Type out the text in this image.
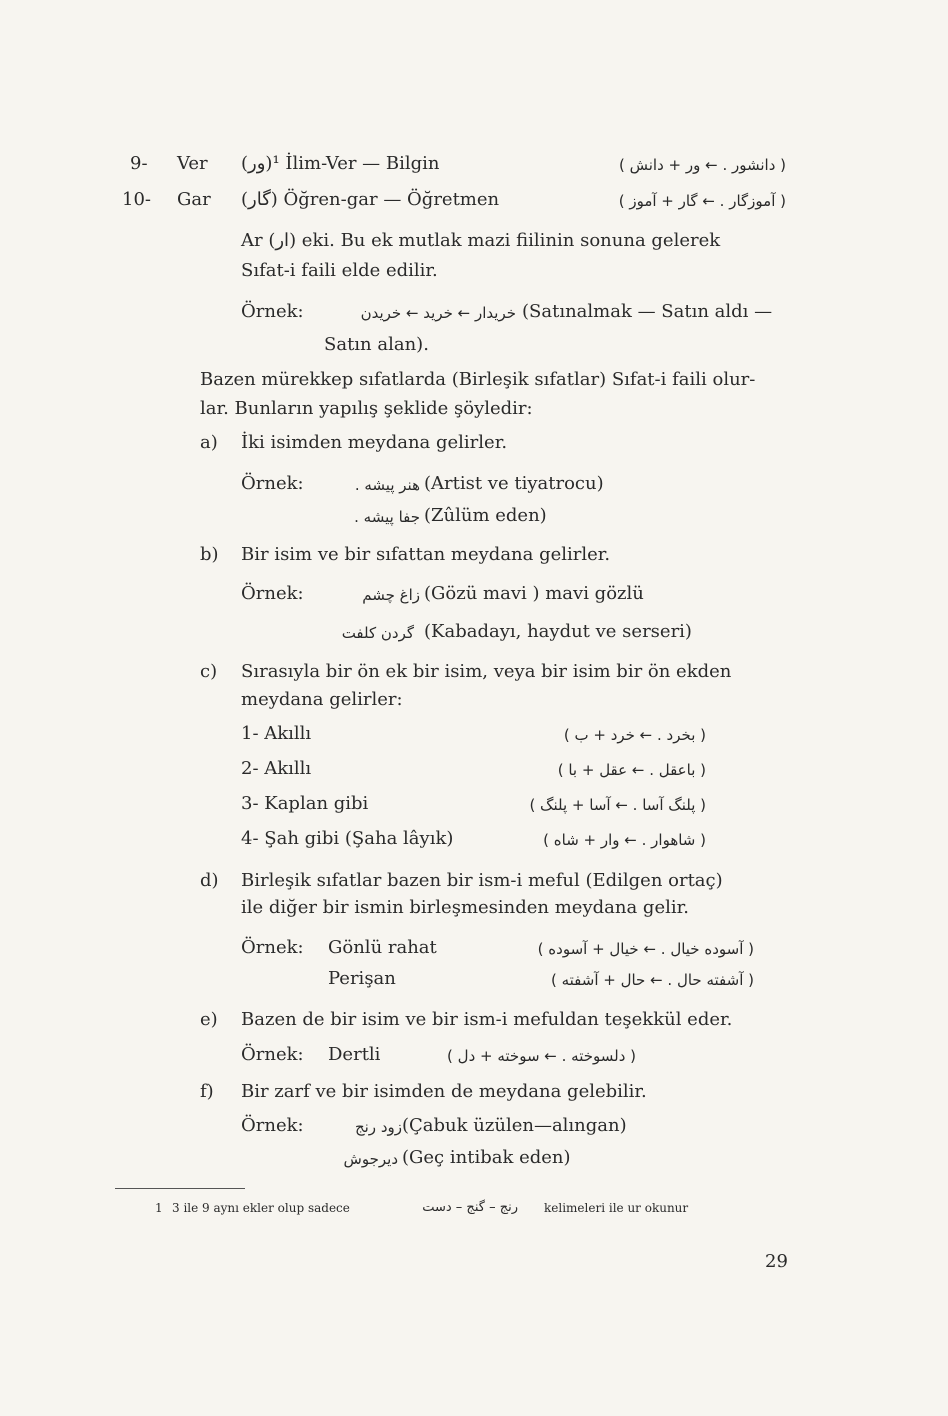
9- Ver (ور)¹ İlim-Ver — Bilgin	( دانشور . ← ور + دانش )
10- Gar (گار) Öğren-gar — Öğretmen	( آموزگار . ← گار + آموز )
Ar (ار) eki. Bu ek mutlak mazi fiilinin sonuna gelerek
Sıfat-i faili elde edilir.
Örnek:	خریدار ← خرید ← خریدن (Satınalmak — Satın aldı —
Satın alan).
Bazen mürekkep sıfatlarda (Birleşik sıfatlar) Sıfat-i faili olur-
lar. Bunların yapılış şeklide şöyledir:
a) İki isimden meydana gelirler.
Örnek:	هنر پیشه . (Artist ve tiyatrocu)
جفا پیشه . (Zûlüm eden)
b) Bir isim ve bir sıfattan meydana gelirler.
Örnek:	زاغ چشم (Gözü mavi ) mavi gözlü
گردن کلفت (Kabadayı, haydut ve serseri)
c) Sırasıyla bir ön ek bir isim, veya bir isim bir ön ekden
meydana gelirler:
1- Akıllı	( بخرد . ← خرد + ب )
2- Akıllı	( باعقل . ← عقل + با )
3- Kaplan gibi	( پلنگ آسا . ← آسا + پلنگ )
4- Şah gibi (Şaha lâyık)	( شاهوار . ← وار + شاه )
d) Birleşik sıfatlar bazen bir ism-i meful (Edilgen ortaç)
ile diğer bir ismin birleşmesinden meydana gelir.
Örnek: Gönlü rahat	( آسوده خیال . ← خیال + آسوده )
Perişan	( آشفته حال . ← حال + آشفته )
e) Bazen de bir isim ve bir ism-i mefuldan teşekkül eder.
Örnek: Dertli	( دلسوخته . ← سوخته + دل )
f) Bir zarf ve bir isimden de meydana gelebilir.
Örnek:	زود رنج (Çabuk üzülen—alıngan)
دیرجوش (Geç intibak eden)
1 3 ile 9 aynı ekler olup sadece	رنج – گنج – دست kelimeleri ile ur okunur
29
